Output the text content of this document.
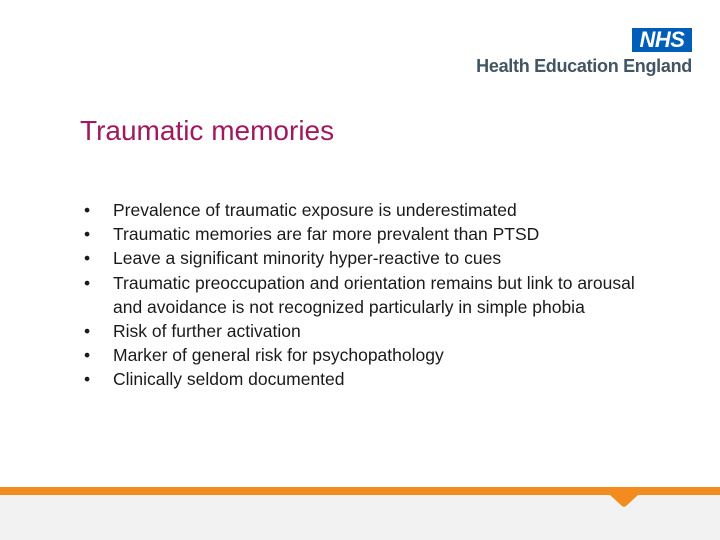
NHS
Health Education England
Traumatic memories
• Prevalence of traumatic exposure is underestimated
• Traumatic memories are far more prevalent than PTSD
• Leave a significant minority hyper-reactive to cues
• Traumatic preoccupation and orientation remains but link to arousal and avoidance is not recognized particularly in simple phobia
• Risk of further activation
• Marker of general risk for psychopathology
• Clinically seldom documented
